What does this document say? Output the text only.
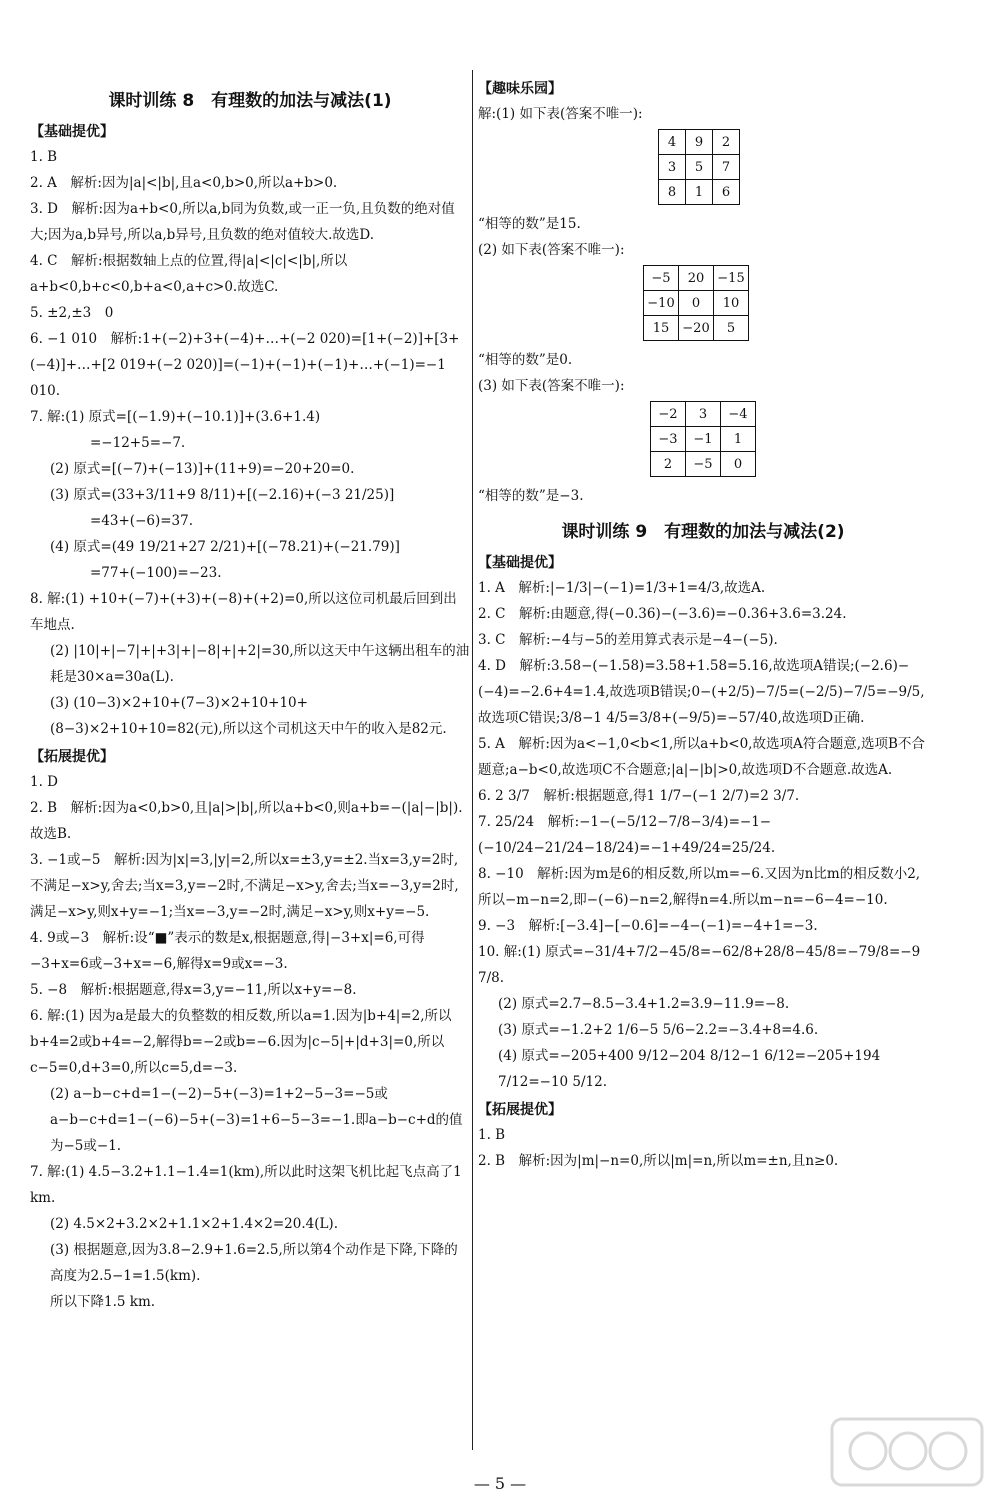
课时训练 8　有理数的加法与减法(1)
【基础提优】
1. B
2. A　解析:因为|a|<|b|,且a<0,b>0,所以a+b>0.
3. D　解析:因为a+b<0,所以a,b同为负数,或一正一负,且负数的绝对值大;因为a,b异号,所以a,b异号,且负数的绝对值较大.故选D.
4. C　解析:根据数轴上点的位置,得|a|<|c|<|b|,所以a+b<0,b+c<0,b+a<0,a+c>0.故选C.
5. ±2,±3　0
6. −1 010　解析:1+(−2)+3+(−4)+…+(−2 020)=[1+(−2)]+[3+(−4)]+…+[2 019+(−2 020)]=(−1)+(−1)+(−1)+…+(−1)=−1 010.
7. 解:(1) 原式=[(−1.9)+(−10.1)]+(3.6+1.4)
=−12+5=−7.
(2) 原式=[(−7)+(−13)]+(11+9)=−20+20=0.
(3) 原式=(33+3/11+9 8/11)+[(−2.16)+(−3 21/25)]
=43+(−6)=37.
(4) 原式=(49 19/21+27 2/21)+[(−78.21)+(−21.79)]
=77+(−100)=−23.
8. 解:(1) +10+(−7)+(+3)+(−8)+(+2)=0,所以这位司机最后回到出车地点.
(2) |10|+|−7|+|+3|+|−8|+|+2|=30,所以这天中午这辆出租车的油耗是30×a=30a(L).
(3) (10−3)×2+10+(7−3)×2+10+10+(8−3)×2+10+10=82(元),所以这个司机这天中午的收入是82元.
【拓展提优】
1. D
2. B　解析:因为a<0,b>0,且|a|>|b|,所以a+b<0,则a+b=−(|a|−|b|).故选B.
3. −1或−5　解析:因为|x|=3,|y|=2,所以x=±3,y=±2.当x=3,y=2时,不满足−x>y,舍去;当x=3,y=−2时,不满足−x>y,舍去;当x=−3,y=2时,满足−x>y,则x+y=−1;当x=−3,y=−2时,满足−x>y,则x+y=−5.
4. 9或−3　解析:设“■”表示的数是x,根据题意,得|−3+x|=6,可得−3+x=6或−3+x=−6,解得x=9或x=−3.
5. −8　解析:根据题意,得x=3,y=−11,所以x+y=−8.
6. 解:(1) 因为a是最大的负整数的相反数,所以a=1.因为|b+4|=2,所以b+4=2或b+4=−2,解得b=−2或b=−6.因为|c−5|+|d+3|=0,所以c−5=0,d+3=0,所以c=5,d=−3.
(2) a−b−c+d=1−(−2)−5+(−3)=1+2−5−3=−5或a−b−c+d=1−(−6)−5+(−3)=1+6−5−3=−1.即a−b−c+d的值为−5或−1.
7. 解:(1) 4.5−3.2+1.1−1.4=1(km),所以此时这架飞机比起飞点高了1 km.
(2) 4.5×2+3.2×2+1.1×2+1.4×2=20.4(L).
(3) 根据题意,因为3.8−2.9+1.6=2.5,所以第4个动作是下降,下降的高度为2.5−1=1.5(km).
所以下降1.5 km.
【趣味乐园】
解:(1) 如下表(答案不唯一):
4	9	2
3	5	7
8	1	6
“相等的数”是15.
(2) 如下表(答案不唯一):
−5	20	−15
−10	0	10
15	−20	5
“相等的数”是0.
(3) 如下表(答案不唯一):
−2	3	−4
−3	−1	1
2	−5	0
“相等的数”是−3.
课时训练 9　有理数的加法与减法(2)
【基础提优】
1. A　解析:|−1/3|−(−1)=1/3+1=4/3,故选A.
2. C　解析:由题意,得(−0.36)−(−3.6)=−0.36+3.6=3.24.
3. C　解析:−4与−5的差用算式表示是−4−(−5).
4. D　解析:3.58−(−1.58)=3.58+1.58=5.16,故选项A错误;(−2.6)−(−4)=−2.6+4=1.4,故选项B错误;0−(+2/5)−7/5=(−2/5)−7/5=−9/5,故选项C错误;3/8−1 4/5=3/8+(−9/5)=−57/40,故选项D正确.
5. A　解析:因为a<−1,0<b<1,所以a+b<0,故选项A符合题意,选项B不合题意;a−b<0,故选项C不合题意;|a|−|b|>0,故选项D不合题意.故选A.
6. 2 3/7　解析:根据题意,得1 1/7−(−1 2/7)=2 3/7.
7. 25/24　解析:−1−(−5/12−7/8−3/4)=−1−(−10/24−21/24−18/24)=−1+49/24=25/24.
8. −10　解析:因为m是6的相反数,所以m=−6.又因为n比m的相反数小2,所以−m−n=2,即−(−6)−n=2,解得n=4.所以m−n=−6−4=−10.
9. −3　解析:[−3.4]−[−0.6]=−4−(−1)=−4+1=−3.
10. 解:(1) 原式=−31/4+7/2−45/8=−62/8+28/8−45/8=−79/8=−9 7/8.
(2) 原式=2.7−8.5−3.4+1.2=3.9−11.9=−8.
(3) 原式=−1.2+2 1/6−5 5/6−2.2=−3.4+8=4.6.
(4) 原式=−205+400 9/12−204 8/12−1 6/12=−205+194 7/12=−10 5/12.
【拓展提优】
1. B
2. B　解析:因为|m|−n=0,所以|m|=n,所以m=±n,且n≥0.
— 5 —
